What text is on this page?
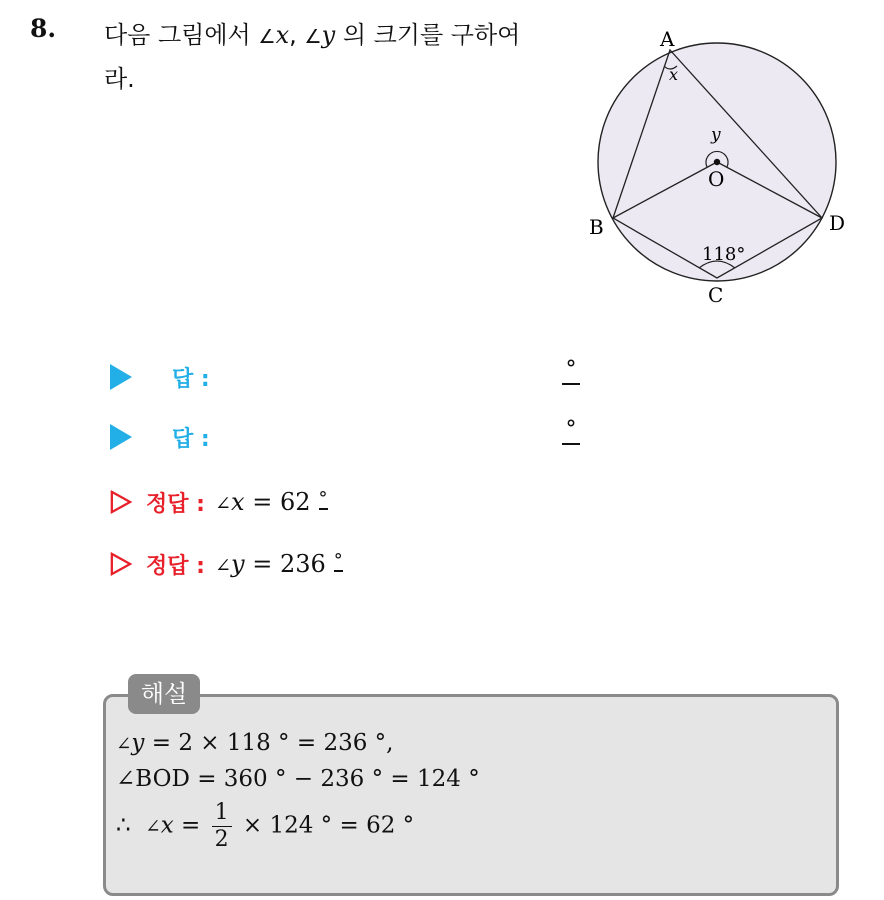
8. 다음 그림에서 ∠x, ∠y 의 크기를 구하여
라.
A
B
C
D
O
x
y
118°
답 :	°
답 :	°
정답 : ∠x = 62 °
정답 : ∠y = 236 °
해설
∠y = 2 × 118 ° = 236 °,
∠BOD = 360 ° − 236 ° = 124 °
∴ ∠x = $\frac{1}{2} \times 124$ ° = 62 °
